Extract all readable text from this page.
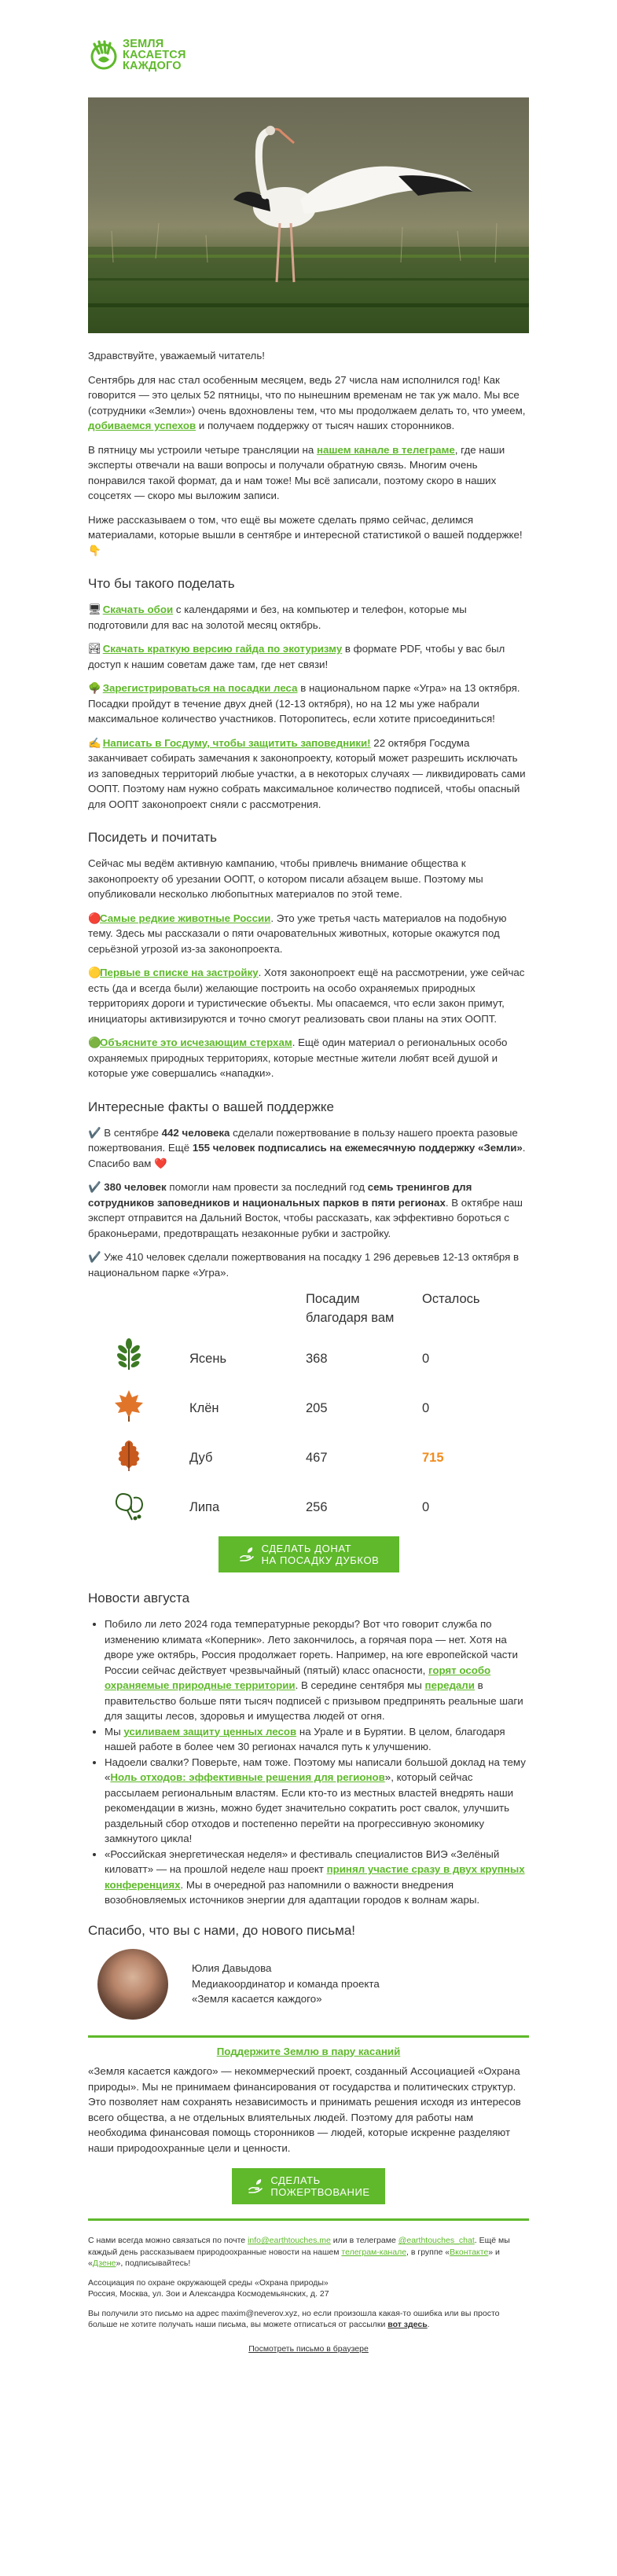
ЗЕМЛЯ
КАСАЕТСЯ
КАЖДОГО

Здравствуйте, уважаемый читатель!

Сентябрь для нас стал особенным месяцем, ведь 27 числа нам исполнился год! Как говорится — это целых 52 пятницы, что по нынешним временам не так уж мало. Мы все (сотрудники «Земли») очень вдохновлены тем, что мы продолжаем делать то, что умеем, добиваемся успехов и получаем поддержку от тысяч наших сторонников.

В пятницу мы устроили четыре трансляции на нашем канале в телеграме, где наши эксперты отвечали на ваши вопросы и получали обратную связь. Многим очень понравился такой формат, да и нам тоже! Мы всё записали, поэтому скоро в наших соцсетях — скоро мы выложим записи.

Ниже рассказываем о том, что ещё вы можете сделать прямо сейчас, делимся материалами, которые вышли в сентябре и интересной статистикой о вашей поддержке! 👇

Что бы такого поделать

🖥 Скачать обои с календарями и без, на компьютер и телефон, которые мы подготовили для вас на золотой месяц октябрь.

🏞 Скачать краткую версию гайда по экотуризму в формате PDF, чтобы у вас был доступ к нашим советам даже там, где нет связи!

🌳 Зарегистрироваться на посадки леса в национальном парке «Угра» на 13 октября. Посадки пройдут в течение двух дней (12-13 октября), но на 12 мы уже набрали максимальное количество участников. Поторопитесь, если хотите присоединиться!

✍ Написать в Госдуму, чтобы защитить заповедники! 22 октября Госдума заканчивает собирать замечания к законопроекту, который может разрешить исключать из заповедных территорий любые участки, а в некоторых случаях — ликвидировать сами ООПТ. Поэтому нам нужно собрать максимальное количество подписей, чтобы опасный для ООПТ законопроект сняли с рассмотрения.

Посидеть и почитать

Сейчас мы ведём активную кампанию, чтобы привлечь внимание общества к законопроекту об урезании ООПТ, о котором писали абзацем выше. Поэтому мы опубликовали несколько любопытных материалов по этой теме.

🔴Самые редкие животные России. Это уже третья часть материалов на подобную тему. Здесь мы рассказали о пяти очаровательных животных, которые окажутся под серьёзной угрозой из-за законопроекта.

🟡Первые в списке на застройку. Хотя законопроект ещё на рассмотрении, уже сейчас есть (да и всегда были) желающие построить на особо охраняемых природных территориях дороги и туристические объекты. Мы опасаемся, что если закон примут, инициаторы активизируются и точно смогут реализовать свои планы на этих ООПТ.

🟢Объясните это исчезающим стерхам. Ещё один материал о региональных особо охраняемых природных территориях, которые местные жители любят всей душой и которые уже совершались «нападки».

Интересные факты о вашей поддержке

✔️ В сентябре 442 человека сделали пожертвование в пользу нашего проекта разовые пожертвования. Ещё 155 человек подписались на ежемесячную поддержку «Земли». Спасибо вам ❤️

✔️ 380 человек помогли нам провести за последний год семь тренингов для сотрудников заповедников и национальных парков в пяти регионах. В октябре наш эксперт отправится на Дальний Восток, чтобы рассказать, как эффективно бороться с браконьерами, предотвращать незаконные рубки и застройку.

✔️ Уже 410 человек сделали пожертвования на посадку 1 296 деревьев 12-13 октября в национальном парке «Угра».

		Посадим благодаря вам	Осталось
	Ясень	368	0
	Клён	205	0
	Дуб	467	715
	Липа	256	0
СДЕЛАТЬ ДОНАТ
НА ПОСАДКУ ДУБКОВ
Новости августа
• Побило ли лето 2024 года температурные рекорды? Вот что говорит служба по изменению климата «Коперник». Лето закончилось, а горячая пора — нет. Хотя на дворе уже октябрь, Россия продолжает гореть. Например, на юге европейской части России сейчас действует чрезвычайный (пятый) класс опасности, горят особо охраняемые природные территории. В середине сентября мы передали в правительство больше пяти тысяч подписей с призывом предпринять реальные шаги для защиты лесов, здоровья и имущества людей от огня.
• Мы усиливаем защиту ценных лесов на Урале и в Бурятии. В целом, благодаря нашей работе в более чем 30 регионах начался путь к улучшению.
• Надоели свалки? Поверьте, нам тоже. Поэтому мы написали большой доклад на тему «Ноль отходов: эффективные решения для регионов», который сейчас рассылаем региональным властям. Если кто-то из местных властей внедрять наши рекомендации в жизнь, можно будет значительно сократить рост свалок, улучшить раздельный сбор отходов и постепенно перейти на прогрессивную экономику замкнутого цикла!
• «Российская энергетическая неделя» и фестиваль специалистов ВИЭ «Зелёный киловатт» — на прошлой неделе наш проект принял участие сразу в двух крупных конференциях. Мы в очередной раз напомнили о важности внедрения возобновляемых источников энергии для адаптации городов к волнам жары.
Спасибо, что вы с нами, до нового письма!
Юлия Давыдова
Медиакоординатор и команда проекта «Земля касается каждого»
Поддержите Землю в пару касаний

«Земля касается каждого» — некоммерческий проект, созданный Ассоциацией «Охрана природы». Мы не принимаем финансирования от государства и политических структур. Это позволяет нам сохранять независимость и принимать решения исходя из интересов всего общества, а не отдельных влиятельных людей. Поэтому для работы нам необходима финансовая помощь сторонников — людей, которые искренне разделяют наши природоохранные цели и ценности.

СДЕЛАТЬ
ПОЖЕРТВОВАНИЕ

С нами всегда можно связаться по почте info@earthtouches.me или в телеграме @earthtouches_chat. Ещё мы каждый день рассказываем природоохранные новости на нашем телеграм-канале, в группе «Вконтакте» и «Дзене», подписывайтесь!

Ассоциация по охране окружающей среды «Охрана природы»
Россия, Москва, ул. Зои и Александра Космодемьянских, д. 27

Вы получили это письмо на адрес maxim@neverov.xyz, но если произошла какая-то ошибка или вы просто больше не хотите получать наши письма, вы можете отписаться от рассылки вот здесь.

Посмотреть письмо в браузере
